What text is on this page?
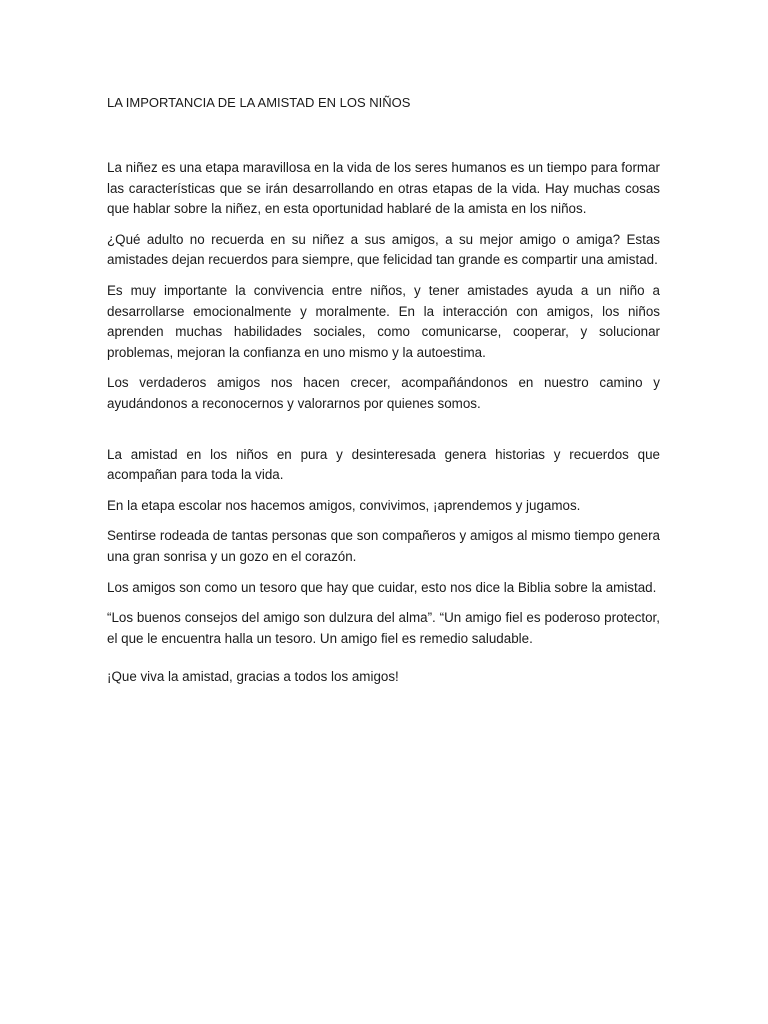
LA IMPORTANCIA DE LA AMISTAD EN LOS NIÑOS

La niñez es una etapa maravillosa en la vida de los seres humanos es un tiempo para formar las características que se irán desarrollando en otras etapas de la vida. Hay muchas cosas que hablar sobre la niñez, en esta oportunidad hablaré de la amista en los niños.

¿Qué adulto no recuerda en su niñez a sus amigos, a su mejor amigo o amiga? Estas amistades dejan recuerdos para siempre, que felicidad tan grande es compartir una amistad.

Es muy importante la convivencia entre niños, y tener amistades ayuda a un niño a desarrollarse emocionalmente y moralmente. En la interacción con amigos, los niños aprenden muchas habilidades sociales, como comunicarse, cooperar, y solucionar problemas, mejoran la confianza en uno mismo y la autoestima.

Los verdaderos amigos nos hacen crecer, acompañándonos en nuestro camino y ayudándonos a reconocernos y valorarnos por quienes somos.

La amistad en los niños en pura y desinteresada genera historias y recuerdos que acompañan para toda la vida.

En la etapa escolar nos hacemos amigos, convivimos, ¡aprendemos y jugamos.

Sentirse rodeada de tantas personas que son compañeros y amigos al mismo tiempo genera una gran sonrisa y un gozo en el corazón.

Los amigos son como un tesoro que hay que cuidar, esto nos dice la Biblia sobre la amistad.

“Los buenos consejos del amigo son dulzura del alma”. “Un amigo fiel es poderoso protector, el que le encuentra halla un tesoro. Un amigo fiel es remedio saludable.

¡Que viva la amistad, gracias a todos los amigos!
